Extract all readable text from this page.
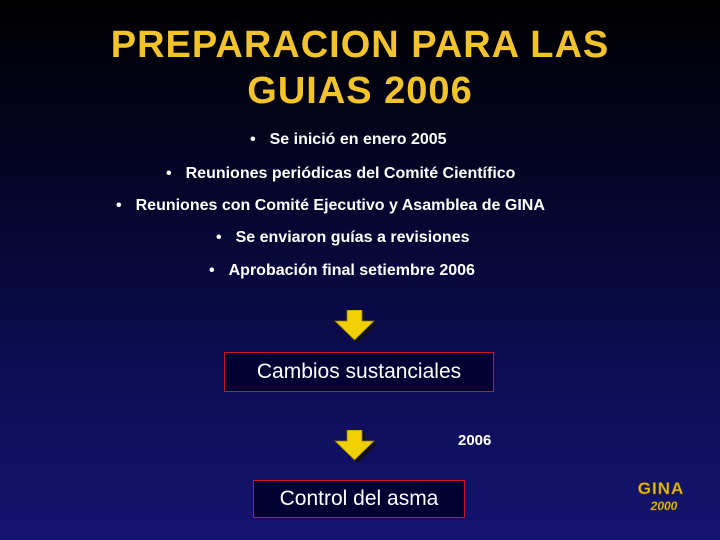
PREPARACION PARA LAS
GUIAS 2006
• Se inició en enero 2005
• Reuniones periódicas del Comité Científico
• Reuniones con Comité Ejecutivo y Asamblea de GINA
• Se enviaron guías a revisiones
• Aprobación final setiembre 2006
Cambios sustanciales
2006
Control del asma	GINA
2000
